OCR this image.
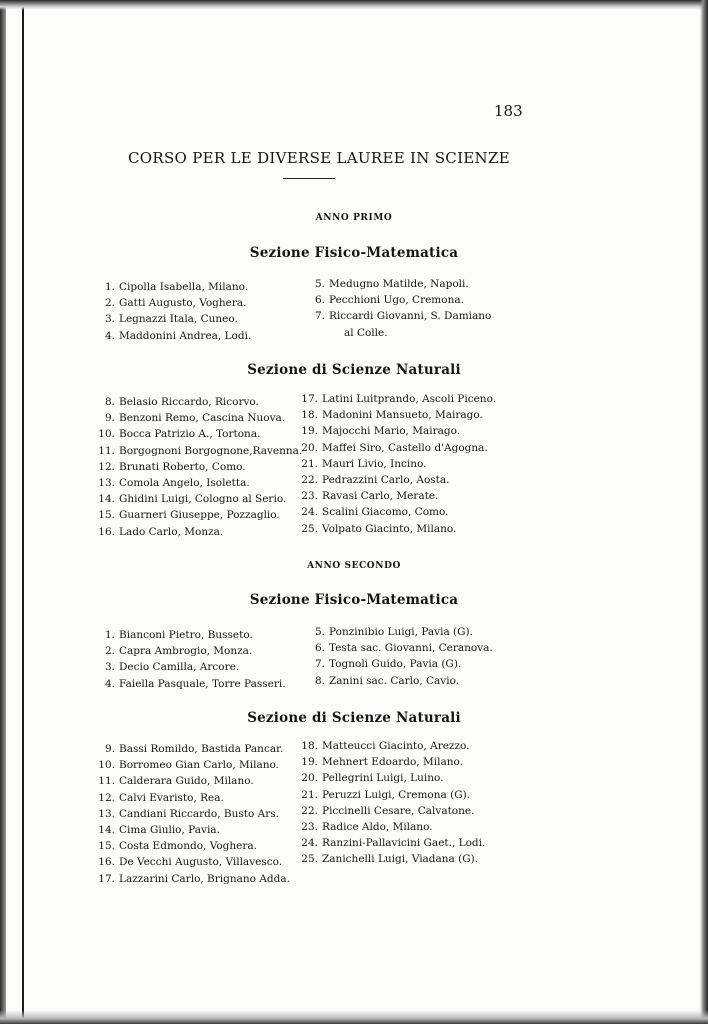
183
CORSO PER LE DIVERSE LAUREE IN SCIENZE
ANNO PRIMO
Sezione Fisico-Matematica
1. Cipolla Isabella, Milano.
2. Gatti Augusto, Voghera.
3. Legnazzi Itala, Cuneo.
4. Maddonini Andrea, Lodi.
5. Medugno Matilde, Napoli.
6. Pecchioni Ugo, Cremona.
7. Riccardi Giovanni, S. Damiano
al Colle.
Sezione di Scienze Naturali
8. Belasio Riccardo, Ricorvo.
9. Benzoni Remo, Cascina Nuova.
10. Bocca Patrizio A., Tortona.
11. Borgognoni Borgognone,Ravenna.
12. Brunati Roberto, Como.
13. Comola Angelo, Isoletta.
14. Ghidini Luigi, Cologno al Serio.
15. Guarneri Giuseppe, Pozzaglio.
16. Lado Carlo, Monza.
17. Latini Luitprando, Ascoli Piceno.
18. Madonini Mansueto, Mairago.
19. Majocchi Mario, Mairago.
20. Maffei Siro, Castello d'Agogna.
21. Mauri Livio, Incino.
22. Pedrazzini Carlo, Aosta.
23. Ravasi Carlo, Merate.
24. Scalini Giacomo, Como.
25. Volpato Giacinto, Milano.
ANNO SECONDO
Sezione Fisico-Matematica
1. Bianconi Pietro, Busseto.
2. Capra Ambrogio, Monza.
3. Decio Camilla, Arcore.
4. Faiella Pasquale, Torre Passeri.
5. Ponzinibio Luigi, Pavia (G).
6. Testa sac. Giovanni, Ceranova.
7. Tognoli Guido, Pavia (G).
8. Zanini sac. Carlo, Cavio.
Sezione di Scienze Naturali
9. Bassi Romildo, Bastida Pancar.
10. Borromeo Gian Carlo, Milano.
11. Calderara Guido, Milano.
12. Calvi Evaristo, Rea.
13. Candiani Riccardo, Busto Ars.
14. Cima Giulio, Pavia.
15. Costa Edmondo, Voghera.
16. De Vecchi Augusto, Villavesco.
17. Lazzarini Carlo, Brignano Adda.
18. Matteucci Giacinto, Arezzo.
19. Mehnert Edoardo, Milano.
20. Pellegrini Luigi, Luino.
21. Peruzzi Luigi, Cremona (G).
22. Piccinelli Cesare, Calvatone.
23. Radice Aldo, Milano.
24. Ranzini-Pallavicini Gaet., Lodi.
25. Zanichelli Luigi, Viadana (G).
